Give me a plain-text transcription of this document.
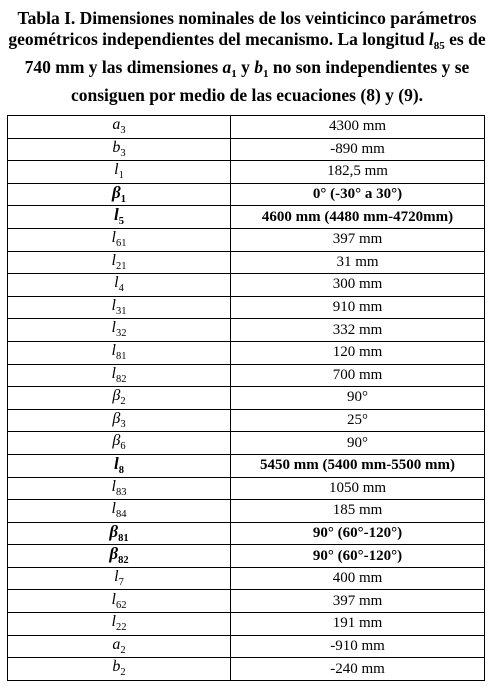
Tabla I. Dimensiones nominales de los veinticinco parámetros geométricos independientes del mecanismo. La longitud $l_{85}$ es de 740 mm y las dimensiones $a_1$ y $b_1$ no son independientes y se consiguen por medio de las ecuaciones (8) y (9).
$a_3$	4300 mm
$b_3$	-890 mm
$l_1$	182,5 mm
$\beta_1$	0° (-30° a 30°)
$l_5$	4600 mm (4480 mm-4720mm)
$l_{61}$	397 mm
$l_{21}$	31 mm
$l_4$	300 mm
$l_{31}$	910 mm
$l_{32}$	332 mm
$l_{81}$	120 mm
$l_{82}$	700 mm
$\beta_2$	90°
$\beta_3$	25°
$\beta_6$	90°
$l_8$	5450 mm (5400 mm-5500 mm)
$l_{83}$	1050 mm
$l_{84}$	185 mm
$\beta_{81}$	90° (60°-120°)
$\beta_{82}$	90° (60°-120°)
$l_7$	400 mm
$l_{62}$	397 mm
$l_{22}$	191 mm
$a_2$	-910 mm
$b_2$	-240 mm
